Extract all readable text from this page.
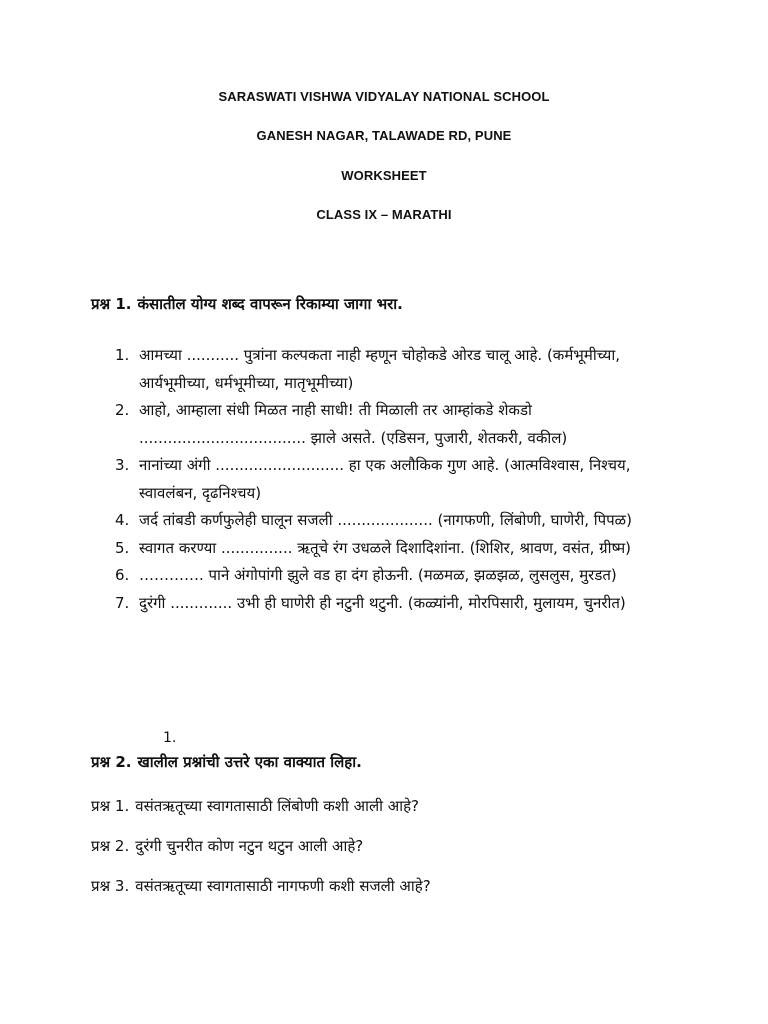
SARASWATI VISHWA VIDYALAY NATIONAL SCHOOL
GANESH NAGAR, TALAWADE RD, PUNE
WORKSHEET
CLASS IX – MARATHI
प्रश्न 1. कंसातील योग्य शब्द वापरून रिकाम्या जागा भरा.
1. आमच्या ........... पुत्रांना कल्पकता नाही म्हणून चोहोकडे ओरड चालू आहे. (कर्मभूमीच्या, आर्यभूमीच्या, धर्मभूमीच्या, मातृभूमीच्या)
2. आहो, आम्हाला संधी मिळत नाही साधी! ती मिळाली तर आम्हांकडे शेकडो ................................... झाले असते. (एडिसन, पुजारी, शेतकरी, वकील)
3. नानांच्या अंगी ........................... हा एक अलौकिक गुण आहे. (आत्मविश्वास, निश्चय, स्वावलंबन, दृढनिश्चय)
4. जर्द तांबडी कर्णफुलेही घालून सजली .................... (नागफणी, लिंबोणी, घाणेरी, पिपळ)
5. स्वागत करण्या ............... ऋतूचे रंग उधळले दिशादिशांना. (शिशिर, श्रावण, वसंत, ग्रीष्म)
6. …………. पाने अंगोपांगी झुले वड हा दंग होऊनी. (मळमळ, झळझळ, लुसलुस, मुरडत)
7. दुरंगी ............. उभी ही घाणेरी ही नटुनी थटुनी. (कळ्यांनी, मोरपिसारी, मुलायम, चुनरीत)
1.
प्रश्न 2. खालील प्रश्नांची उत्तरे एका वाक्यात लिहा.
प्रश्न 1. वसंतऋतूच्या स्वागतासाठी लिंबोणी कशी आली आहे?
प्रश्न 2. दुरंगी चुनरीत कोण नटुन थटुन आली आहे?
प्रश्न 3. वसंतऋतूच्या स्वागतासाठी नागफणी कशी सजली आहे?
